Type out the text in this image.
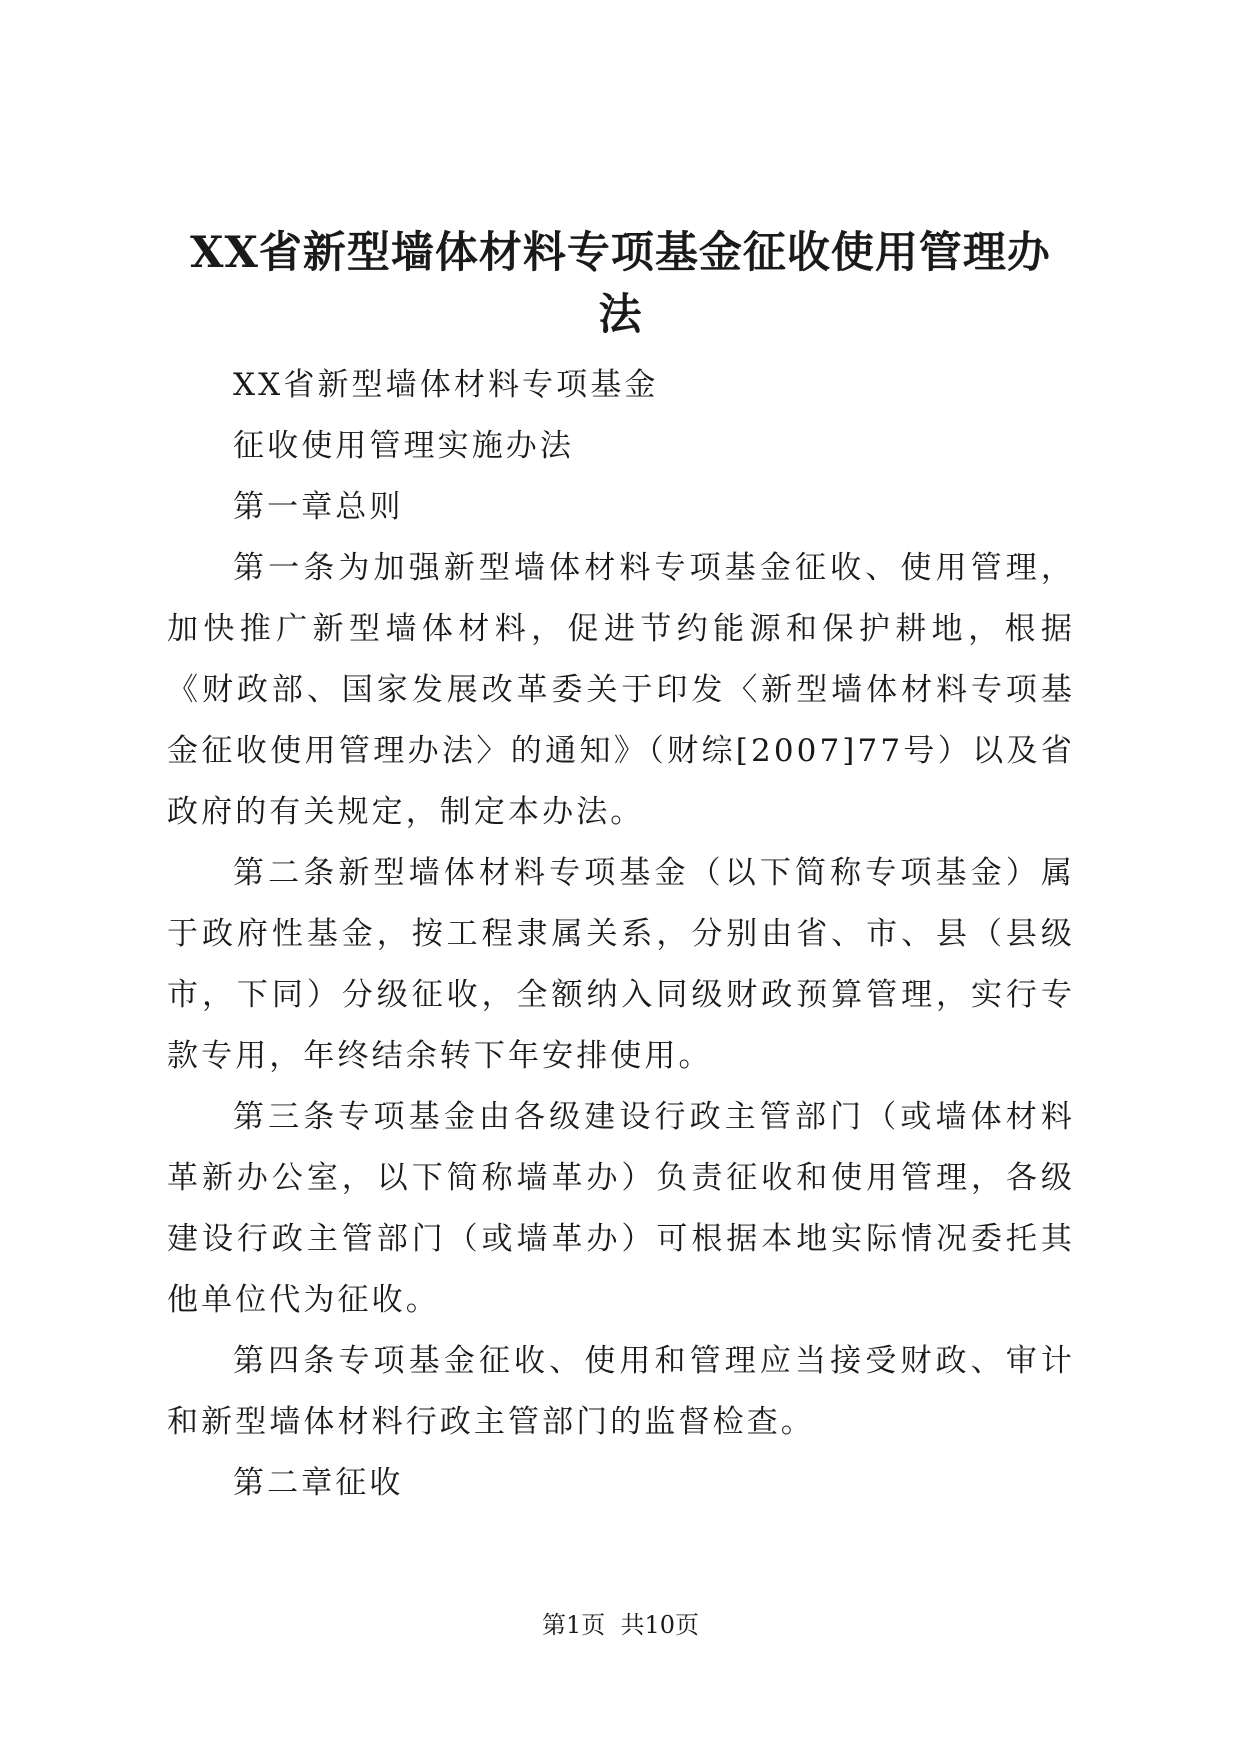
XX省新型墙体材料专项基金征收使用管理办
法

XX省新型墙体材料专项基金

征收使用管理实施办法

第一章总则

第一条为加强新型墙体材料专项基金征收、使用管理，加快推广新型墙体材料，促进节约能源和保护耕地，根据《财政部、国家发展改革委关于印发〈新型墙体材料专项基金征收使用管理办法〉的通知》（财综[2007]77号）以及省政府的有关规定，制定本办法。

第二条新型墙体材料专项基金（以下简称专项基金）属于政府性基金，按工程隶属关系，分别由省、市、县（县级市，下同）分级征收，全额纳入同级财政预算管理，实行专款专用，年终结余转下年安排使用。

第三条专项基金由各级建设行政主管部门（或墙体材料革新办公室，以下简称墙革办）负责征收和使用管理，各级建设行政主管部门（或墙革办）可根据本地实际情况委托其他单位代为征收。

第四条专项基金征收、使用和管理应当接受财政、审计和新型墙体材料行政主管部门的监督检查。

第二章征收

第1页  共10页
